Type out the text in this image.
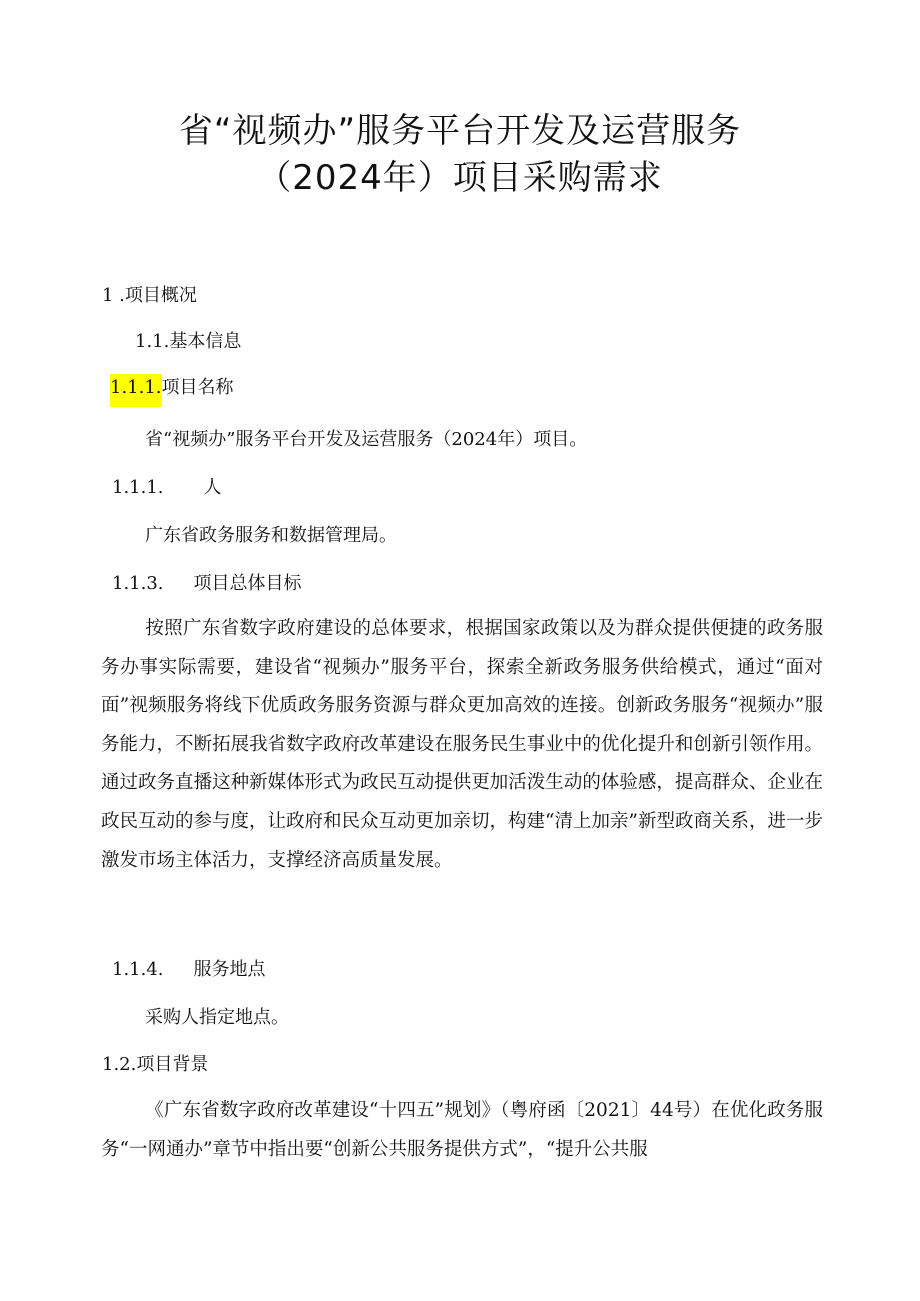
省“视频办”服务平台开发及运营服务
（2024年）项目采购需求
1 .项目概况
1.1.基本信息
1.1.1.项目名称
省“视频办”服务平台开发及运营服务（2024年）项目。
1.1.1. 人
广东省政务服务和数据管理局。
1.1.3. 项目总体目标
按照广东省数字政府建设的总体要求，根据国家政策以及为群众提供便捷的政务服务办事实际需要，建设省“视频办”服务平台，探索全新政务服务供给模式，通过“面对面”视频服务将线下优质政务服务资源与群众更加高效的连接。创新政务服务“视频办”服务能力，不断拓展我省数字政府改革建设在服务民生事业中的优化提升和创新引领作用。通过政务直播这种新媒体形式为政民互动提供更加活泼生动的体验感，提高群众、企业在政民互动的参与度，让政府和民众互动更加亲切，构建“清上加亲”新型政商关系，进一步激发市场主体活力，支撑经济高质量发展。
1.1.4. 服务地点
采购人指定地点。
1.2.项目背景
《广东省数字政府改革建设“十四五”规划》（粤府函〔2021〕44号）在优化政务服务“一网通办”章节中指出要“创新公共服务提供方式”，“提升公共服
